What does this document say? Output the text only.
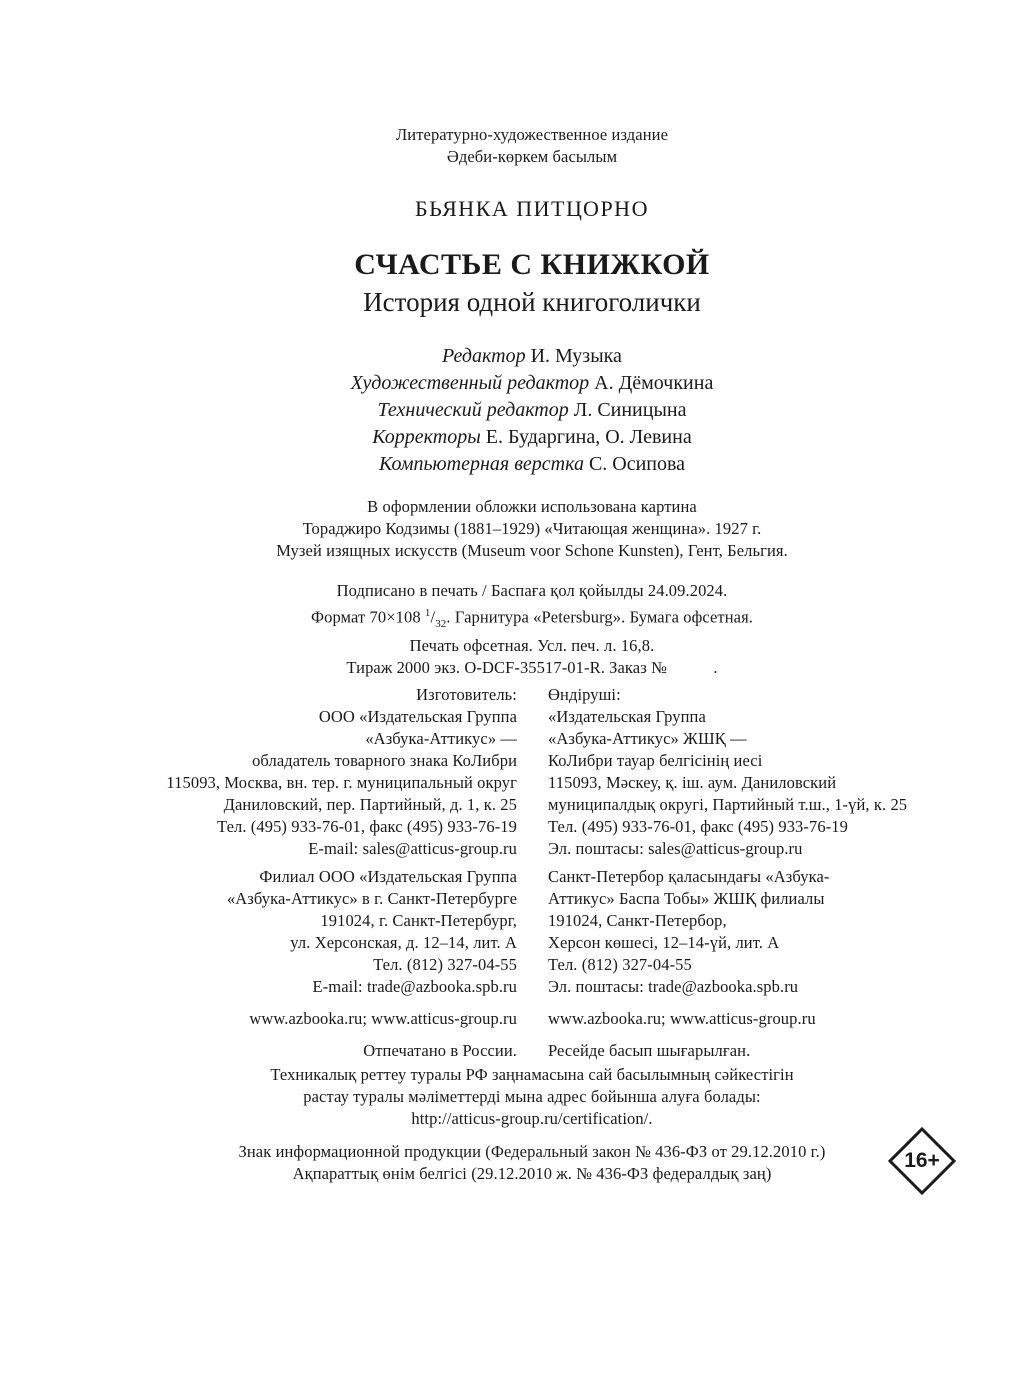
Литературно-художественное издание
Әдеби-көркем басылым
БЬЯНКА ПИТЦОРНО
СЧАСТЬЕ С КНИЖКОЙ
История одной книгоголички
Редактор И. Музыка
Художественный редактор А. Дёмочкина
Технический редактор Л. Синицына
Корректоры Е. Бударгина, О. Левина
Компьютерная верстка С. Осипова
В оформлении обложки использована картина
Тораджиро Кодзимы (1881–1929) «Читающая женщина». 1927 г.
Музей изящных искусств (Museum voor Schone Kunsten), Гент, Бельгия.
Подписано в печать / Баспаға қол қойылды 24.09.2024.
Формат 70×108 $^1/_{32}$. Гарнитура «Petersburg». Бумага офсетная.
Печать офсетная. Усл. печ. л. 16,8.
Тираж 2000 экз. O-DCF-35517-01-R. Заказ №           .
Изготовитель:
ООО «Издательская Группа
«Азбука-Аттикус» —
обладатель товарного знака КоЛибри
115093, Москва, вн. тер. г. муниципальный округ
Даниловский, пер. Партийный, д. 1, к. 25
Тел. (495) 933-76-01, факс (495) 933-76-19
E-mail: sales@atticus-group.ru
Филиал ООО «Издательская Группа
«Азбука-Аттикус» в г. Санкт-Петербурге
191024, г. Санкт-Петербург,
ул. Херсонская, д. 12–14, лит. А
Тел. (812) 327-04-55
E-mail: trade@azbooka.spb.ru
www.azbooka.ru; www.atticus-group.ru
Отпечатано в России.
Өндіруші:
«Издательская Группа
«Азбука-Аттикус» ЖШҚ —
КоЛибри тауар белгісінің иесі
115093, Мәскеу, қ. іш. аум. Даниловский
муниципалдық округі, Партийный т.ш., 1-үй, к. 25
Тел. (495) 933-76-01, факс (495) 933-76-19
Эл. поштасы: sales@atticus-group.ru
Санкт-Петербор қаласындағы «Азбука-
Аттикус» Баспа Тобы» ЖШҚ филиалы
191024, Санкт-Петербор,
Херсон көшесі, 12–14-үй, лит. А
Тел. (812) 327-04-55
Эл. поштасы: trade@azbooka.spb.ru
www.azbooka.ru; www.atticus-group.ru
Ресейде басып шығарылған.
Техникалық реттеу туралы РФ заңнамасына сай басылымның сәйкестігін
растау туралы мәліметтерді мына адрес бойынша алуға болады:
http://atticus-group.ru/certification/.
Знак информационной продукции (Федеральный закон № 436-ФЗ от 29.12.2010 г.)
Ақпараттық өнім белгісі (29.12.2010 ж. № 436-ФЗ федералдық заң)
16+
